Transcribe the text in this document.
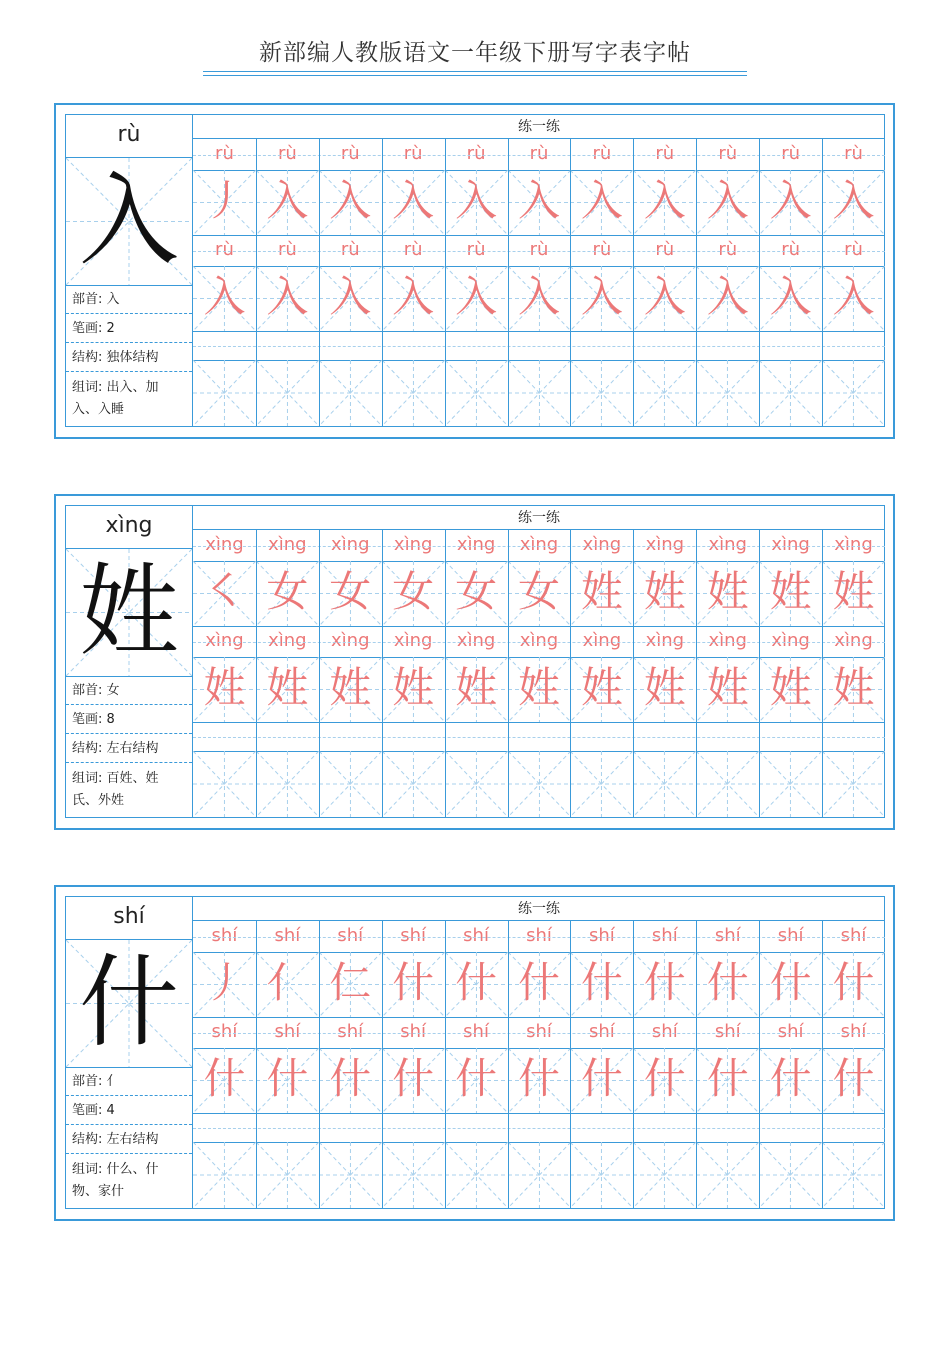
新部编人教版语文一年级下册写字表字帖
rù
入
部首: 入
笔画: 2
结构: 独体结构
组词: 出入、加
入、入睡
练一练
rù	rù	rù	rù	rù	rù	rù	rù	rù	rù	rù
丿 入 入 入 入 入 入 入 入 入 入
rù	rù	rù	rù	rù	rù	rù	rù	rù	rù	rù
入 入 入 入 入 入 入 入 入 入 入
xìng
姓
部首: 女
笔画: 8
结构: 左右结构
组词: 百姓、姓
氏、外姓
练一练
xìng	xìng	xìng	xìng	xìng	xìng	xìng	xìng	xìng	xìng	xìng
㇛ 女 女 女 女 女 姓 姓 姓 姓 姓
xìng	xìng	xìng	xìng	xìng	xìng	xìng	xìng	xìng	xìng	xìng
姓 姓 姓 姓 姓 姓 姓 姓 姓 姓 姓
shí
什
部首: 亻
笔画: 4
结构: 左右结构
组词: 什么、什
物、家什
练一练
shí	shí	shí	shí	shí	shí	shí	shí	shí	shí	shí
丿 亻 仁 什 什 什 什 什 什 什 什
shí	shí	shí	shí	shí	shí	shí	shí	shí	shí	shí
什 什 什 什 什 什 什 什 什 什 什
